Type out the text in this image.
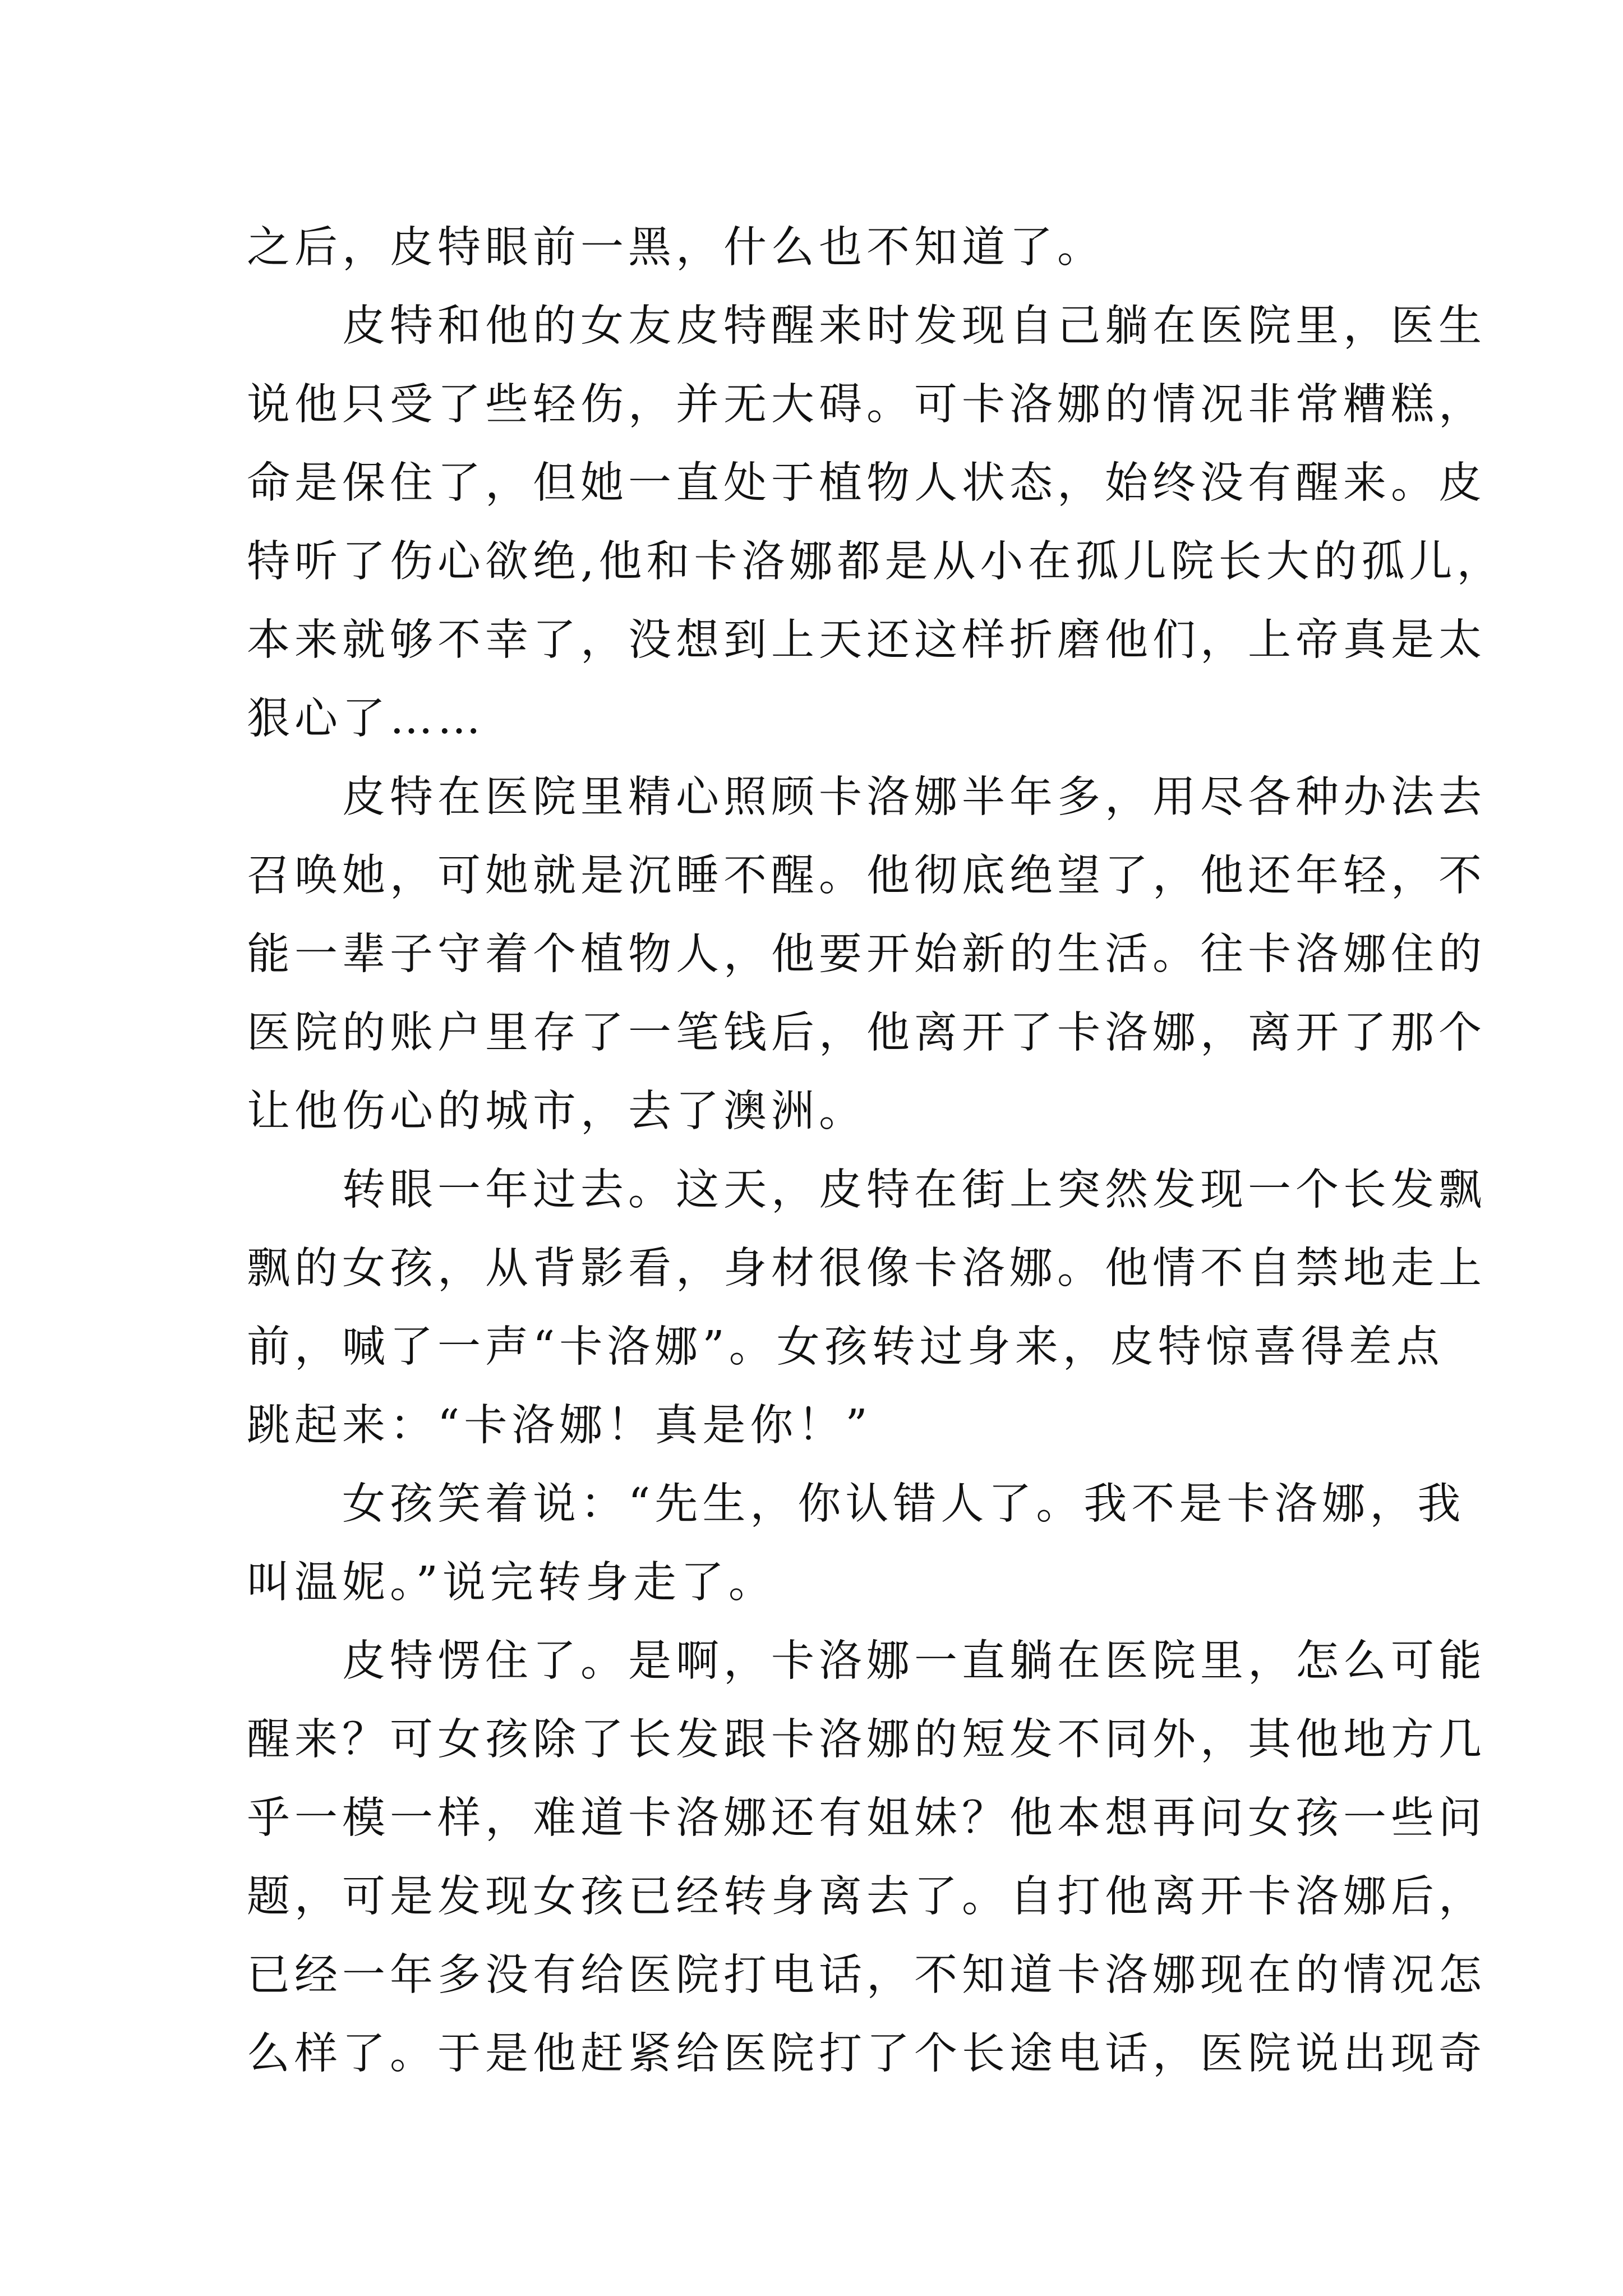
之后，皮特眼前一黑，什么也不知道了。
皮特和他的女友皮特醒来时发现自己躺在医院里，医生
说他只受了些轻伤，并无大碍。可卡洛娜的情况非常糟糕，
命是保住了，但她一直处于植物人状态，始终没有醒来。皮
特听了伤心欲绝,他和卡洛娜都是从小在孤儿院长大的孤儿，
本来就够不幸了，没想到上天还这样折磨他们，上帝真是太
狠心了……
皮特在医院里精心照顾卡洛娜半年多，用尽各种办法去
召唤她，可她就是沉睡不醒。他彻底绝望了，他还年轻，不
能一辈子守着个植物人，他要开始新的生活。往卡洛娜住的
医院的账户里存了一笔钱后，他离开了卡洛娜，离开了那个
让他伤心的城市，去了澳洲。
转眼一年过去。这天，皮特在街上突然发现一个长发飘
飘的女孩，从背影看，身材很像卡洛娜。他情不自禁地走上
前，喊了一声“卡洛娜”。女孩转过身来，皮特惊喜得差点
跳起来：“卡洛娜！真是你！”
女孩笑着说：“先生，你认错人了。我不是卡洛娜，我
叫温妮。”说完转身走了。
皮特愣住了。是啊，卡洛娜一直躺在医院里，怎么可能
醒来？可女孩除了长发跟卡洛娜的短发不同外，其他地方几
乎一模一样，难道卡洛娜还有姐妹？他本想再问女孩一些问
题，可是发现女孩已经转身离去了。自打他离开卡洛娜后，
已经一年多没有给医院打电话，不知道卡洛娜现在的情况怎
么样了。于是他赶紧给医院打了个长途电话，医院说出现奇
